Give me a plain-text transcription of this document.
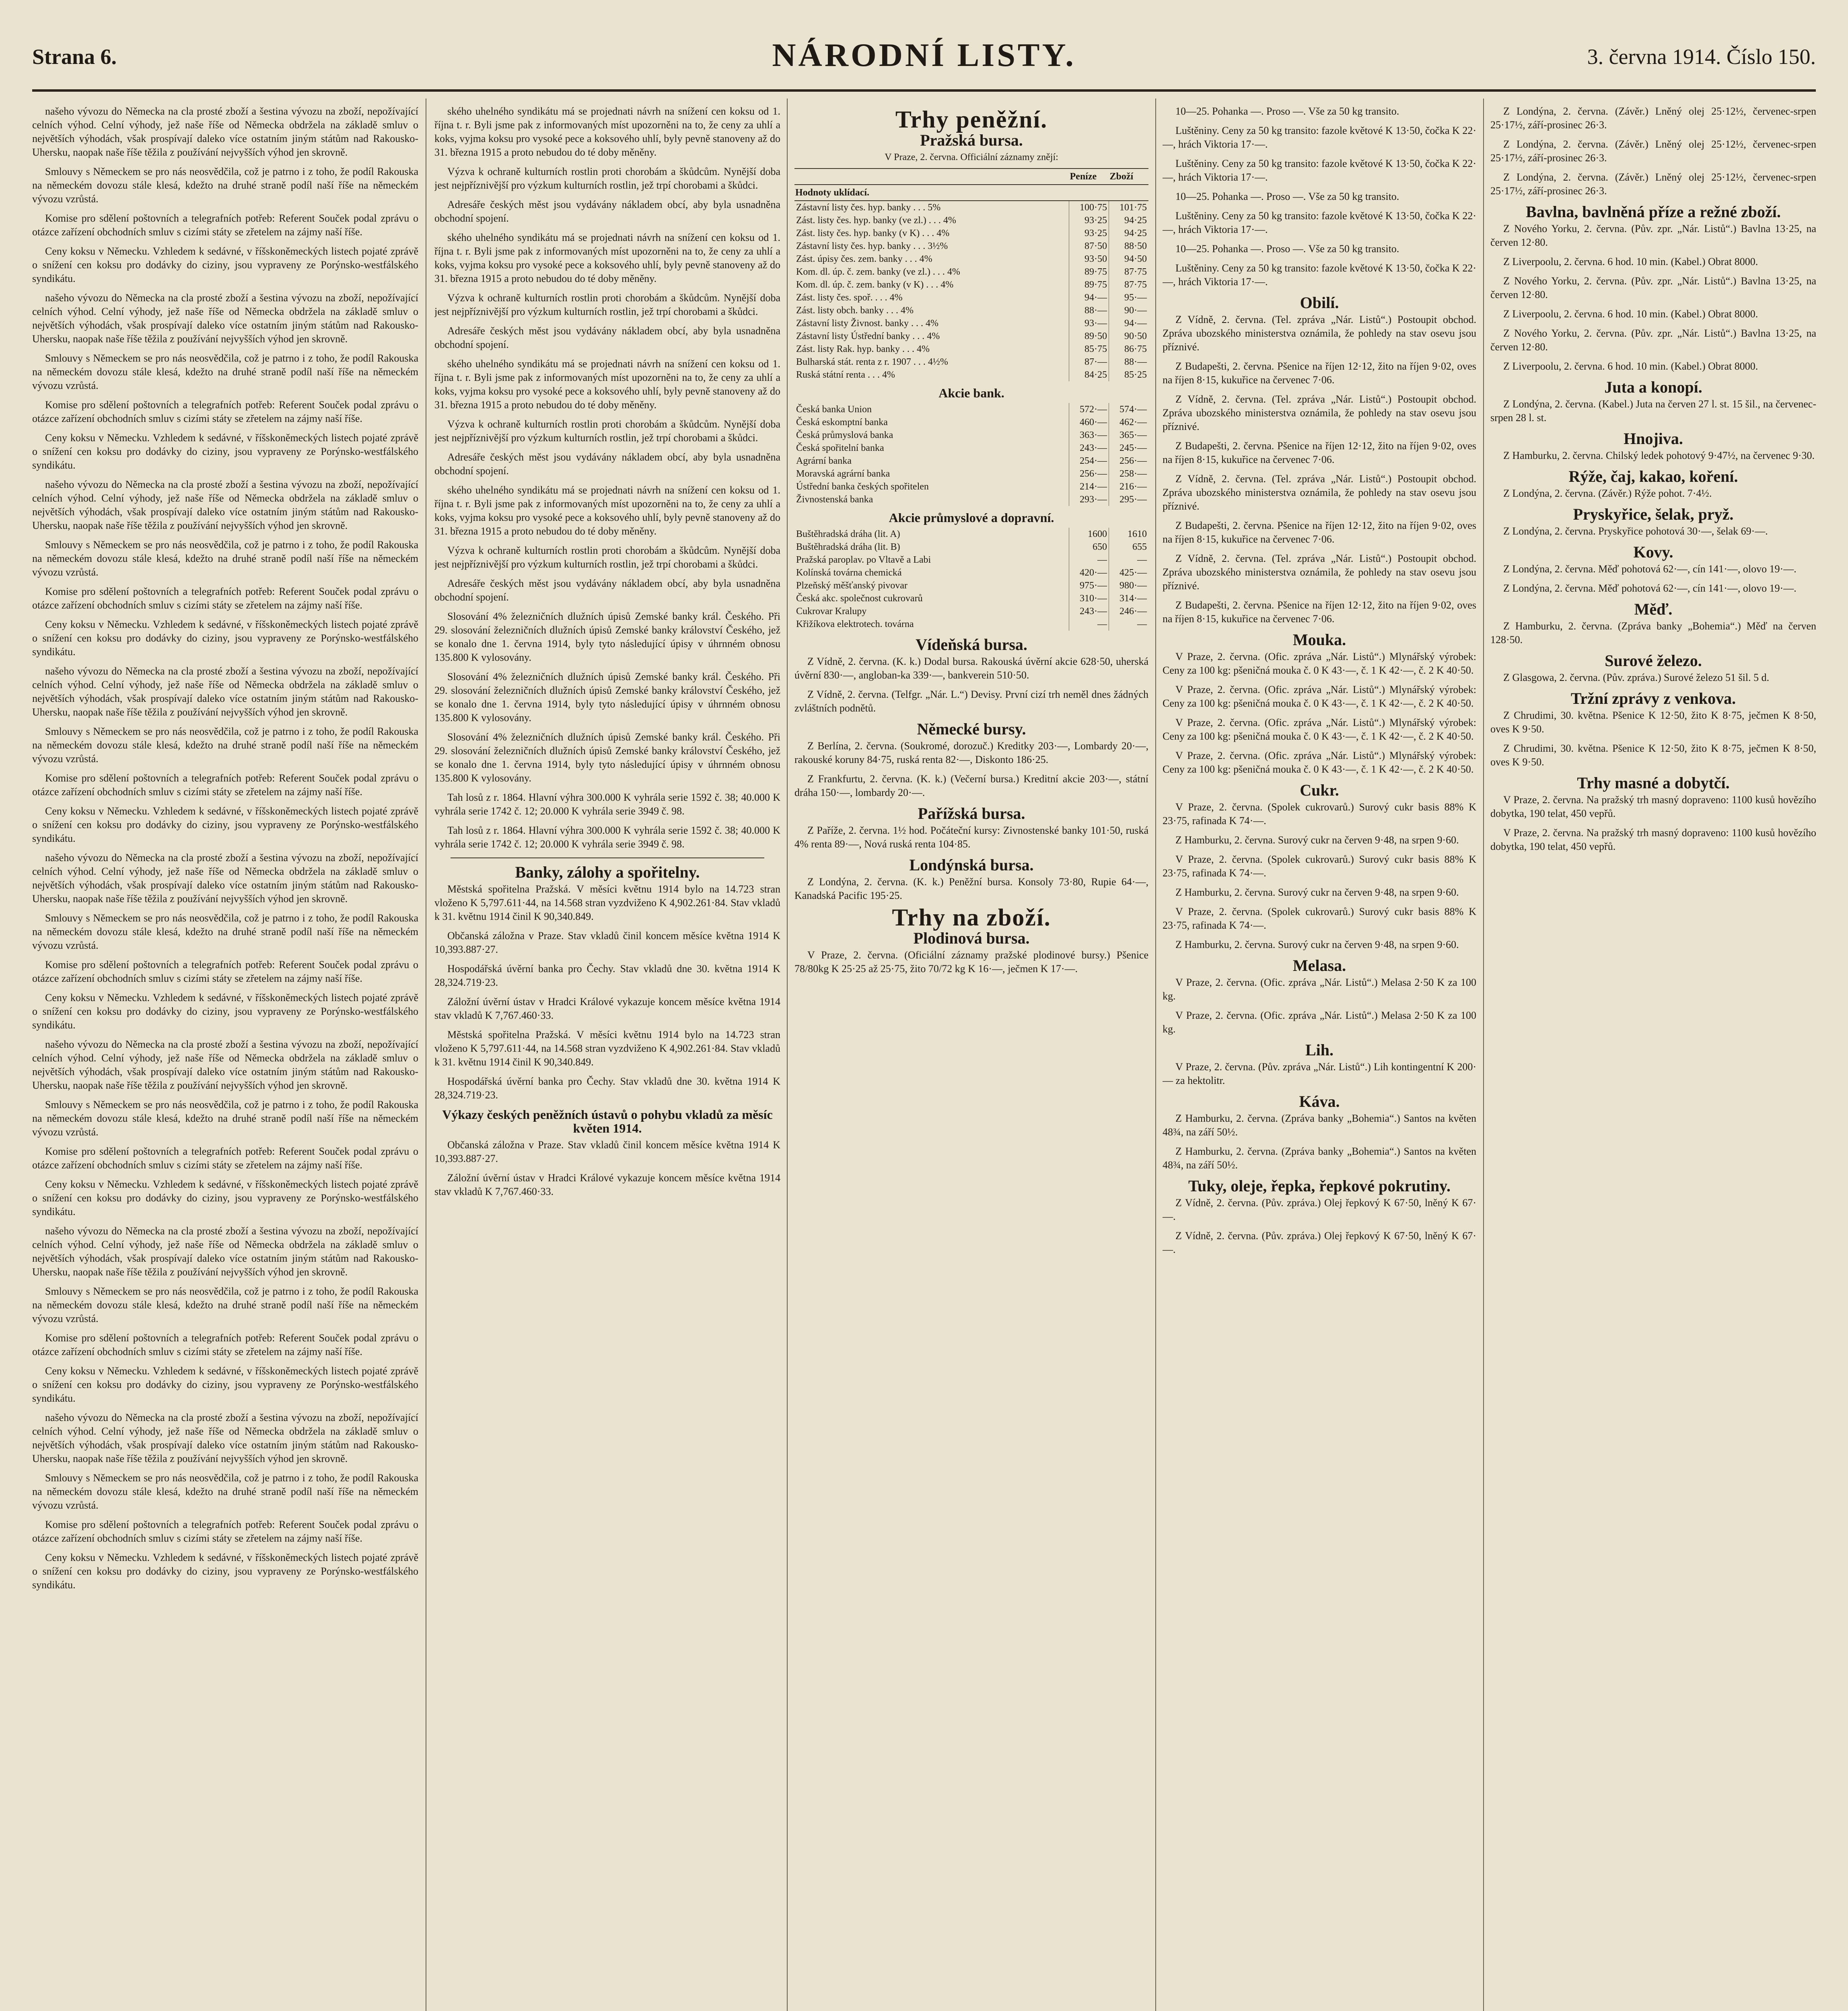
Strana 6.	NÁRODNÍ LISTY.	3. června 1914. Číslo 150.

našeho vývozu do Německa na cla prosté zboží a šestina vývozu na zboží, nepožívající celních výhod. Celní výhody, jež naše říše od Německa obdržela na základě smluv o největších výhodách, však prospívají daleko více ostatním jiným státům nad Rakousko-Uhersku, naopak naše říše těžila z používání nejvyšších výhod jen skrovně.

Smlouvy s Německem se pro nás neosvědčila, což je patrno i z toho, že podíl Rakouska na německém dovozu stále klesá, kdežto na druhé straně podíl naší říše na německém vývozu vzrůstá.

Komise pro sdělení poštovních a telegrafních potřeb: Referent Souček podal zprávu o otázce zařízení obchodních smluv s cizími státy se zřetelem na zájmy naší říše.

Ceny koksu v Německu. Vzhledem k sedávné, v říšskoněmeckých listech pojaté zprávě o snížení cen koksu pro dodávky do ciziny, jsou vypraveny ze Porýnsko-westfálského syndikátu.

našeho vývozu do Německa na cla prosté zboží a šestina vývozu na zboží, nepožívající celních výhod. Celní výhody, jež naše říše od Německa obdržela na základě smluv o největších výhodách, však prospívají daleko více ostatním jiným státům nad Rakousko-Uhersku, naopak naše říše těžila z používání nejvyšších výhod jen skrovně.

Smlouvy s Německem se pro nás neosvědčila, což je patrno i z toho, že podíl Rakouska na německém dovozu stále klesá, kdežto na druhé straně podíl naší říše na německém vývozu vzrůstá.

Komise pro sdělení poštovních a telegrafních potřeb: Referent Souček podal zprávu o otázce zařízení obchodních smluv s cizími státy se zřetelem na zájmy naší říše.

Ceny koksu v Německu. Vzhledem k sedávné, v říšskoněmeckých listech pojaté zprávě o snížení cen koksu pro dodávky do ciziny, jsou vypraveny ze Porýnsko-westfálského syndikátu.

našeho vývozu do Německa na cla prosté zboží a šestina vývozu na zboží, nepožívající celních výhod. Celní výhody, jež naše říše od Německa obdržela na základě smluv o největších výhodách, však prospívají daleko více ostatním jiným státům nad Rakousko-Uhersku, naopak naše říše těžila z používání nejvyšších výhod jen skrovně.

Smlouvy s Německem se pro nás neosvědčila, což je patrno i z toho, že podíl Rakouska na německém dovozu stále klesá, kdežto na druhé straně podíl naší říše na německém vývozu vzrůstá.

Komise pro sdělení poštovních a telegrafních potřeb: Referent Souček podal zprávu o otázce zařízení obchodních smluv s cizími státy se zřetelem na zájmy naší říše.

Ceny koksu v Německu. Vzhledem k sedávné, v říšskoněmeckých listech pojaté zprávě o snížení cen koksu pro dodávky do ciziny, jsou vypraveny ze Porýnsko-westfálského syndikátu.

našeho vývozu do Německa na cla prosté zboží a šestina vývozu na zboží, nepožívající celních výhod. Celní výhody, jež naše říše od Německa obdržela na základě smluv o největších výhodách, však prospívají daleko více ostatním jiným státům nad Rakousko-Uhersku, naopak naše říše těžila z používání nejvyšších výhod jen skrovně.

Smlouvy s Německem se pro nás neosvědčila, což je patrno i z toho, že podíl Rakouska na německém dovozu stále klesá, kdežto na druhé straně podíl naší říše na německém vývozu vzrůstá.

Komise pro sdělení poštovních a telegrafních potřeb: Referent Souček podal zprávu o otázce zařízení obchodních smluv s cizími státy se zřetelem na zájmy naší říše.

Ceny koksu v Německu. Vzhledem k sedávné, v říšskoněmeckých listech pojaté zprávě o snížení cen koksu pro dodávky do ciziny, jsou vypraveny ze Porýnsko-westfálského syndikátu.

našeho vývozu do Německa na cla prosté zboží a šestina vývozu na zboží, nepožívající celních výhod. Celní výhody, jež naše říše od Německa obdržela na základě smluv o největších výhodách, však prospívají daleko více ostatním jiným státům nad Rakousko-Uhersku, naopak naše říše těžila z používání nejvyšších výhod jen skrovně.

Smlouvy s Německem se pro nás neosvědčila, což je patrno i z toho, že podíl Rakouska na německém dovozu stále klesá, kdežto na druhé straně podíl naší říše na německém vývozu vzrůstá.

Komise pro sdělení poštovních a telegrafních potřeb: Referent Souček podal zprávu o otázce zařízení obchodních smluv s cizími státy se zřetelem na zájmy naší říše.

Ceny koksu v Německu. Vzhledem k sedávné, v říšskoněmeckých listech pojaté zprávě o snížení cen koksu pro dodávky do ciziny, jsou vypraveny ze Porýnsko-westfálského syndikátu.

našeho vývozu do Německa na cla prosté zboží a šestina vývozu na zboží, nepožívající celních výhod. Celní výhody, jež naše říše od Německa obdržela na základě smluv o největších výhodách, však prospívají daleko více ostatním jiným státům nad Rakousko-Uhersku, naopak naše říše těžila z používání nejvyšších výhod jen skrovně.

Smlouvy s Německem se pro nás neosvědčila, což je patrno i z toho, že podíl Rakouska na německém dovozu stále klesá, kdežto na druhé straně podíl naší říše na německém vývozu vzrůstá.

Komise pro sdělení poštovních a telegrafních potřeb: Referent Souček podal zprávu o otázce zařízení obchodních smluv s cizími státy se zřetelem na zájmy naší říše.

Ceny koksu v Německu. Vzhledem k sedávné, v říšskoněmeckých listech pojaté zprávě o snížení cen koksu pro dodávky do ciziny, jsou vypraveny ze Porýnsko-westfálského syndikátu.

našeho vývozu do Německa na cla prosté zboží a šestina vývozu na zboží, nepožívající celních výhod. Celní výhody, jež naše říše od Německa obdržela na základě smluv o největších výhodách, však prospívají daleko více ostatním jiným státům nad Rakousko-Uhersku, naopak naše říše těžila z používání nejvyšších výhod jen skrovně.

Smlouvy s Německem se pro nás neosvědčila, což je patrno i z toho, že podíl Rakouska na německém dovozu stále klesá, kdežto na druhé straně podíl naší říše na německém vývozu vzrůstá.

Komise pro sdělení poštovních a telegrafních potřeb: Referent Souček podal zprávu o otázce zařízení obchodních smluv s cizími státy se zřetelem na zájmy naší říše.

Ceny koksu v Německu. Vzhledem k sedávné, v říšskoněmeckých listech pojaté zprávě o snížení cen koksu pro dodávky do ciziny, jsou vypraveny ze Porýnsko-westfálského syndikátu.

našeho vývozu do Německa na cla prosté zboží a šestina vývozu na zboží, nepožívající celních výhod. Celní výhody, jež naše říše od Německa obdržela na základě smluv o největších výhodách, však prospívají daleko více ostatním jiným státům nad Rakousko-Uhersku, naopak naše říše těžila z používání nejvyšších výhod jen skrovně.

Smlouvy s Německem se pro nás neosvědčila, což je patrno i z toho, že podíl Rakouska na německém dovozu stále klesá, kdežto na druhé straně podíl naší říše na německém vývozu vzrůstá.

Komise pro sdělení poštovních a telegrafních potřeb: Referent Souček podal zprávu o otázce zařízení obchodních smluv s cizími státy se zřetelem na zájmy naší říše.

Ceny koksu v Německu. Vzhledem k sedávné, v říšskoněmeckých listech pojaté zprávě o snížení cen koksu pro dodávky do ciziny, jsou vypraveny ze Porýnsko-westfálského syndikátu.

ského uhelného syndikátu má se projednati návrh na snížení cen koksu od 1. října t. r. Byli jsme pak z informovaných míst upozorněni na to, že ceny za uhlí a koks, vyjma koksu pro vysoké pece a koksového uhlí, byly pevně stanoveny až do 31. března 1915 a proto nebudou do té doby měněny.

Výzva k ochraně kulturních rostlin proti chorobám a škůdcům. Nynější doba jest nejpříznivější pro výzkum kulturních rostlin, jež trpí chorobami a škůdci.

Adresáře českých měst jsou vydávány nákladem obcí, aby byla usnadněna obchodní spojení.

ského uhelného syndikátu má se projednati návrh na snížení cen koksu od 1. října t. r. Byli jsme pak z informovaných míst upozorněni na to, že ceny za uhlí a koks, vyjma koksu pro vysoké pece a koksového uhlí, byly pevně stanoveny až do 31. března 1915 a proto nebudou do té doby měněny.

Výzva k ochraně kulturních rostlin proti chorobám a škůdcům. Nynější doba jest nejpříznivější pro výzkum kulturních rostlin, jež trpí chorobami a škůdci.

Adresáře českých měst jsou vydávány nákladem obcí, aby byla usnadněna obchodní spojení.

ského uhelného syndikátu má se projednati návrh na snížení cen koksu od 1. října t. r. Byli jsme pak z informovaných míst upozorněni na to, že ceny za uhlí a koks, vyjma koksu pro vysoké pece a koksového uhlí, byly pevně stanoveny až do 31. března 1915 a proto nebudou do té doby měněny.

Výzva k ochraně kulturních rostlin proti chorobám a škůdcům. Nynější doba jest nejpříznivější pro výzkum kulturních rostlin, jež trpí chorobami a škůdci.

Adresáře českých měst jsou vydávány nákladem obcí, aby byla usnadněna obchodní spojení.

ského uhelného syndikátu má se projednati návrh na snížení cen koksu od 1. října t. r. Byli jsme pak z informovaných míst upozorněni na to, že ceny za uhlí a koks, vyjma koksu pro vysoké pece a koksového uhlí, byly pevně stanoveny až do 31. března 1915 a proto nebudou do té doby měněny.

Výzva k ochraně kulturních rostlin proti chorobám a škůdcům. Nynější doba jest nejpříznivější pro výzkum kulturních rostlin, jež trpí chorobami a škůdci.

Adresáře českých měst jsou vydávány nákladem obcí, aby byla usnadněna obchodní spojení.

Slosování 4% železničních dlužních úpisů Zemské banky král. Českého. Při 29. slosování železničních dlužních úpisů Zemské banky království Českého, jež se konalo dne 1. června 1914, byly tyto následující úpisy v úhrnném obnosu 135.800 K vylosovány.

Slosování 4% železničních dlužních úpisů Zemské banky král. Českého. Při 29. slosování železničních dlužních úpisů Zemské banky království Českého, jež se konalo dne 1. června 1914, byly tyto následující úpisy v úhrnném obnosu 135.800 K vylosovány.

Slosování 4% železničních dlužních úpisů Zemské banky král. Českého. Při 29. slosování železničních dlužních úpisů Zemské banky království Českého, jež se konalo dne 1. června 1914, byly tyto následující úpisy v úhrnném obnosu 135.800 K vylosovány.

Tah losů z r. 1864. Hlavní výhra 300.000 K vyhrála serie 1592 č. 38; 40.000 K vyhrála serie 1742 č. 12; 20.000 K vyhrála serie 3949 č. 98.

Tah losů z r. 1864. Hlavní výhra 300.000 K vyhrála serie 1592 č. 38; 40.000 K vyhrála serie 1742 č. 12; 20.000 K vyhrála serie 3949 č. 98.

Banky, zálohy a spořitelny.

Městská spořitelna Pražská. V měsíci květnu 1914 bylo na 14.723 stran vloženo K 5,797.611·44, na 14.568 stran vyzdviženo K 4,902.261·84. Stav vkladů k 31. květnu 1914 činil K 90,340.849.

Občanská záložna v Praze. Stav vkladů činil koncem měsíce května 1914 K 10,393.887·27.

Hospodářská úvěrní banka pro Čechy. Stav vkladů dne 30. května 1914 K 28,324.719·23.

Záložní úvěrní ústav v Hradci Králové vykazuje koncem měsíce května 1914 stav vkladů K 7,767.460·33.

Městská spořitelna Pražská. V měsíci květnu 1914 bylo na 14.723 stran vloženo K 5,797.611·44, na 14.568 stran vyzdviženo K 4,902.261·84. Stav vkladů k 31. květnu 1914 činil K 90,340.849.

Hospodářská úvěrní banka pro Čechy. Stav vkladů dne 30. května 1914 K 28,324.719·23.

Výkazy českých peněžních ústavů o pohybu vkladů za měsíc květen 1914.

Občanská záložna v Praze. Stav vkladů činil koncem měsíce května 1914 K 10,393.887·27.

Záložní úvěrní ústav v Hradci Králové vykazuje koncem měsíce května 1914 stav vkladů K 7,767.460·33.

Trhy peněžní.
Pražská bursa.
V Praze, 2. června. Officiální záznamy znějí:
	Peníze	Zboží
Hodnoty uklídací.		
Zástavní listy čes. hyp. banky . . . 5%	100·75	101·75
Zást. listy čes. hyp. banky (ve zl.) . . . 4%	93·25	94·25
Zást. listy čes. hyp. banky (v K) . . . 4%	93·25	94·25
Zástavní listy čes. hyp. banky . . . 3½%	87·50	88·50
Zást. úpisy čes. zem. banky . . . 4%	93·50	94·50
Kom. dl. úp. č. zem. banky (ve zl.) . . . 4%	89·75	87·75
Kom. dl. úp. č. zem. banky (v K) . . . 4%	89·75	87·75
Zást. listy čes. spoř. . . . 4%	94·—	95·—
Zást. listy obch. banky . . . 4%	88·—	90·—
Zástavní listy Živnost. banky . . . 4%	93·—	94·—
Zástavní listy Ústřední banky . . . 4%	89·50	90·50
Zást. listy Rak. hyp. banky . . . 4%	85·75	86·75
Bulharská stát. renta z r. 1907 . . . 4½%	87·—	88·—
Ruská státní renta . . . 4%	84·25	85·25
Akcie bank.
Česká banka Union	572·—	574·—
Česká eskomptní banka	460·—	462·—
Česká průmyslová banka	363·—	365·—
Česká spořitelní banka	243·—	245·—
Agrární banka	254·—	256·—
Moravská agrární banka	256·—	258·—
Ústřední banka českých spořitelen	214·—	216·—
Živnostenská banka	293·—	295·—
Akcie průmyslové a dopravní.
Buštěhradská dráha (lit. A)	1600	1610
Buštěhradská dráha (lit. B)	650	655
Pražská paroplav. po Vltavě a Labi	—	—
Kolínská továrna chemická	420·—	425·—
Plzeňský měšťanský pivovar	975·—	980·—
Česká akc. společnost cukrovarů	310·—	314·—
Cukrovar Kralupy	243·—	246·—
Křižíkova elektrotech. továrna	—	—
Vídeňská bursa.

Z Vídně, 2. června. (K. k.) Dodal bursa. Rakouská úvěrní akcie 628·50, uherská úvěrní 830·—, angloban-ka 339·—, bankverein 510·50.

Z Vídně, 2. června. (Telfgr. „Nár. L.“) Devisy. První cizí trh neměl dnes žádných zvláštních podnětů.

Německé bursy.

Z Berlína, 2. června. (Soukromé, dorozuč.) Kreditky 203·—, Lombardy 20·—, rakouské koruny 84·75, ruská renta 82·—, Diskonto 186·25.

Z Frankfurtu, 2. června. (K. k.) (Večerní bursa.) Kreditní akcie 203·—, státní dráha 150·—, lombardy 20·—.

Pařížská bursa.

Z Paříže, 2. června. 1½ hod. Počáteční kursy: Zivnostenské banky 101·50, ruská 4% renta 89·—, Nová ruská renta 104·85.

Londýnská bursa.

Z Londýna, 2. června. (K. k.) Peněžní bursa. Konsoly 73·80, Rupie 64·—, Kanadská Pacific 195·25.

Trhy na zboží.
Plodinová bursa.

V Praze, 2. června. (Oficiální záznamy pražské plodinové bursy.) Pšenice 78/80kg K 25·25 až 25·75, žito 70/72 kg K 16·—, ječmen K 17·—.

10—25. Pohanka —. Proso —. Vše za 50 kg transito.

Luštěniny. Ceny za 50 kg transito: fazole květové K 13·50, čočka K 22·—, hrách Viktoria 17·—.

Luštěniny. Ceny za 50 kg transito: fazole květové K 13·50, čočka K 22·—, hrách Viktoria 17·—.

10—25. Pohanka —. Proso —. Vše za 50 kg transito.

Luštěniny. Ceny za 50 kg transito: fazole květové K 13·50, čočka K 22·—, hrách Viktoria 17·—.

10—25. Pohanka —. Proso —. Vše za 50 kg transito.

Luštěniny. Ceny za 50 kg transito: fazole květové K 13·50, čočka K 22·—, hrách Viktoria 17·—.

Obilí.

Z Vídně, 2. června. (Tel. zpráva „Nár. Listů“.) Postoupit obchod. Zpráva ubozského ministerstva oznámila, že pohledy na stav osevu jsou příznivé.

Z Budapešti, 2. června. Pšenice na říjen 12·12, žito na říjen 9·02, oves na říjen 8·15, kukuřice na červenec 7·06.

Z Vídně, 2. června. (Tel. zpráva „Nár. Listů“.) Postoupit obchod. Zpráva ubozského ministerstva oznámila, že pohledy na stav osevu jsou příznivé.

Z Budapešti, 2. června. Pšenice na říjen 12·12, žito na říjen 9·02, oves na říjen 8·15, kukuřice na červenec 7·06.

Z Vídně, 2. června. (Tel. zpráva „Nár. Listů“.) Postoupit obchod. Zpráva ubozského ministerstva oznámila, že pohledy na stav osevu jsou příznivé.

Z Budapešti, 2. června. Pšenice na říjen 12·12, žito na říjen 9·02, oves na říjen 8·15, kukuřice na červenec 7·06.

Z Vídně, 2. června. (Tel. zpráva „Nár. Listů“.) Postoupit obchod. Zpráva ubozského ministerstva oznámila, že pohledy na stav osevu jsou příznivé.

Z Budapešti, 2. června. Pšenice na říjen 12·12, žito na říjen 9·02, oves na říjen 8·15, kukuřice na červenec 7·06.

Mouka.

V Praze, 2. června. (Ofic. zpráva „Nár. Listů“.) Mlynářský výrobek: Ceny za 100 kg: pšeničná mouka č. 0 K 43·—, č. 1 K 42·—, č. 2 K 40·50.

V Praze, 2. června. (Ofic. zpráva „Nár. Listů“.) Mlynářský výrobek: Ceny za 100 kg: pšeničná mouka č. 0 K 43·—, č. 1 K 42·—, č. 2 K 40·50.

V Praze, 2. června. (Ofic. zpráva „Nár. Listů“.) Mlynářský výrobek: Ceny za 100 kg: pšeničná mouka č. 0 K 43·—, č. 1 K 42·—, č. 2 K 40·50.

V Praze, 2. června. (Ofic. zpráva „Nár. Listů“.) Mlynářský výrobek: Ceny za 100 kg: pšeničná mouka č. 0 K 43·—, č. 1 K 42·—, č. 2 K 40·50.

Cukr.

V Praze, 2. června. (Spolek cukrovarů.) Surový cukr basis 88% K 23·75, rafinada K 74·—.

Z Hamburku, 2. června. Surový cukr na červen 9·48, na srpen 9·60.

V Praze, 2. června. (Spolek cukrovarů.) Surový cukr basis 88% K 23·75, rafinada K 74·—.

Z Hamburku, 2. června. Surový cukr na červen 9·48, na srpen 9·60.

V Praze, 2. června. (Spolek cukrovarů.) Surový cukr basis 88% K 23·75, rafinada K 74·—.

Z Hamburku, 2. června. Surový cukr na červen 9·48, na srpen 9·60.

Melasa.

V Praze, 2. června. (Ofic. zpráva „Nár. Listů“.) Melasa 2·50 K za 100 kg.

V Praze, 2. června. (Ofic. zpráva „Nár. Listů“.) Melasa 2·50 K za 100 kg.

Lih.

V Praze, 2. června. (Pův. zpráva „Nár. Listů“.) Lih kontingentní K 200·— za hektolitr.

Káva.

Z Hamburku, 2. června. (Zpráva banky „Bohemia“.) Santos na květen 48¾, na září 50½.

Z Hamburku, 2. června. (Zpráva banky „Bohemia“.) Santos na květen 48¾, na září 50½.

Tuky, oleje, řepka, řepkové pokrutiny.

Z Vídně, 2. června. (Pův. zpráva.) Olej řepkový K 67·50, lněný K 67·—.

Z Vídně, 2. června. (Pův. zpráva.) Olej řepkový K 67·50, lněný K 67·—.

Z Londýna, 2. června. (Závěr.) Lněný olej 25·12½, červenec-srpen 25·17½, září-prosinec 26·3.

Z Londýna, 2. června. (Závěr.) Lněný olej 25·12½, červenec-srpen 25·17½, září-prosinec 26·3.

Z Londýna, 2. června. (Závěr.) Lněný olej 25·12½, červenec-srpen 25·17½, září-prosinec 26·3.

Bavlna, bavlněná příze a režné zboží.

Z Nového Yorku, 2. června. (Pův. zpr. „Nár. Listů“.) Bavlna 13·25, na červen 12·80.

Z Liverpoolu, 2. června. 6 hod. 10 min. (Kabel.) Obrat 8000.

Z Nového Yorku, 2. června. (Pův. zpr. „Nár. Listů“.) Bavlna 13·25, na červen 12·80.

Z Liverpoolu, 2. června. 6 hod. 10 min. (Kabel.) Obrat 8000.

Z Nového Yorku, 2. června. (Pův. zpr. „Nár. Listů“.) Bavlna 13·25, na červen 12·80.

Z Liverpoolu, 2. června. 6 hod. 10 min. (Kabel.) Obrat 8000.

Juta a konopí.

Z Londýna, 2. června. (Kabel.) Juta na červen 27 l. st. 15 šil., na červenec-srpen 28 l. st.

Hnojiva.

Z Hamburku, 2. června. Chilský ledek pohotový 9·47½, na červenec 9·30.

Rýže, čaj, kakao, koření.

Z Londýna, 2. června. (Závěr.) Rýže pohot. 7·4½.

Pryskyřice, šelak, pryž.

Z Londýna, 2. června. Pryskyřice pohotová 30·—, šelak 69·—.

Kovy.

Z Londýna, 2. června. Měď pohotová 62·—, cín 141·—, olovo 19·—.

Z Londýna, 2. června. Měď pohotová 62·—, cín 141·—, olovo 19·—.

Měď.

Z Hamburku, 2. června. (Zpráva banky „Bohemia“.) Měď na červen 128·50.

Surové železo.

Z Glasgowa, 2. června. (Pův. zpráva.) Surové železo 51 šil. 5 d.

Tržní zprávy z venkova.

Z Chrudimi, 30. května. Pšenice K 12·50, žito K 8·75, ječmen K 8·50, oves K 9·50.

Z Chrudimi, 30. května. Pšenice K 12·50, žito K 8·75, ječmen K 8·50, oves K 9·50.

Trhy masné a dobytčí.

V Praze, 2. června. Na pražský trh masný dopraveno: 1100 kusů hovězího dobytka, 190 telat, 450 vepřů.

V Praze, 2. června. Na pražský trh masný dopraveno: 1100 kusů hovězího dobytka, 190 telat, 450 vepřů.
